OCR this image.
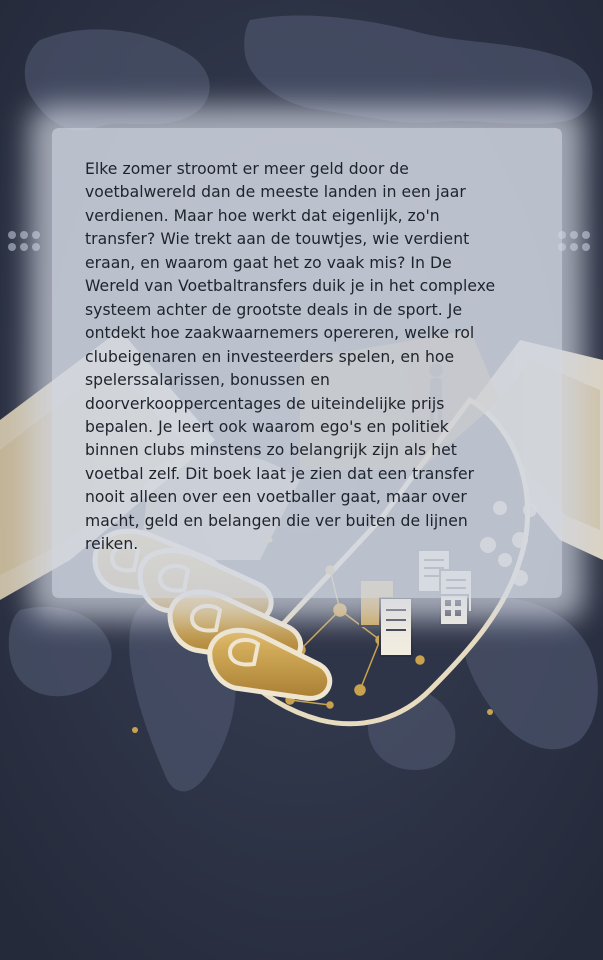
Elke zomer stroomt er meer geld door de
voetbalwereld dan de meeste landen in een jaar
verdienen. Maar hoe werkt dat eigenlijk, zo'n
transfer? Wie trekt aan de touwtjes, wie verdient
eraan, en waarom gaat het zo vaak mis? In De
Wereld van Voetbaltransfers duik je in het complexe
systeem achter de grootste deals in de sport. Je
ontdekt hoe zaakwaarnemers opereren, welke rol
clubeigenaren en investeerders spelen, en hoe
spelerssalarissen, bonussen en
doorverkooppercentages de uiteindelijke prijs
bepalen. Je leert ook waarom ego's en politiek
binnen clubs minstens zo belangrijk zijn als het
voetbal zelf. Dit boek laat je zien dat een transfer
nooit alleen over een voetballer gaat, maar over
macht, geld en belangen die ver buiten de lijnen
reiken.
